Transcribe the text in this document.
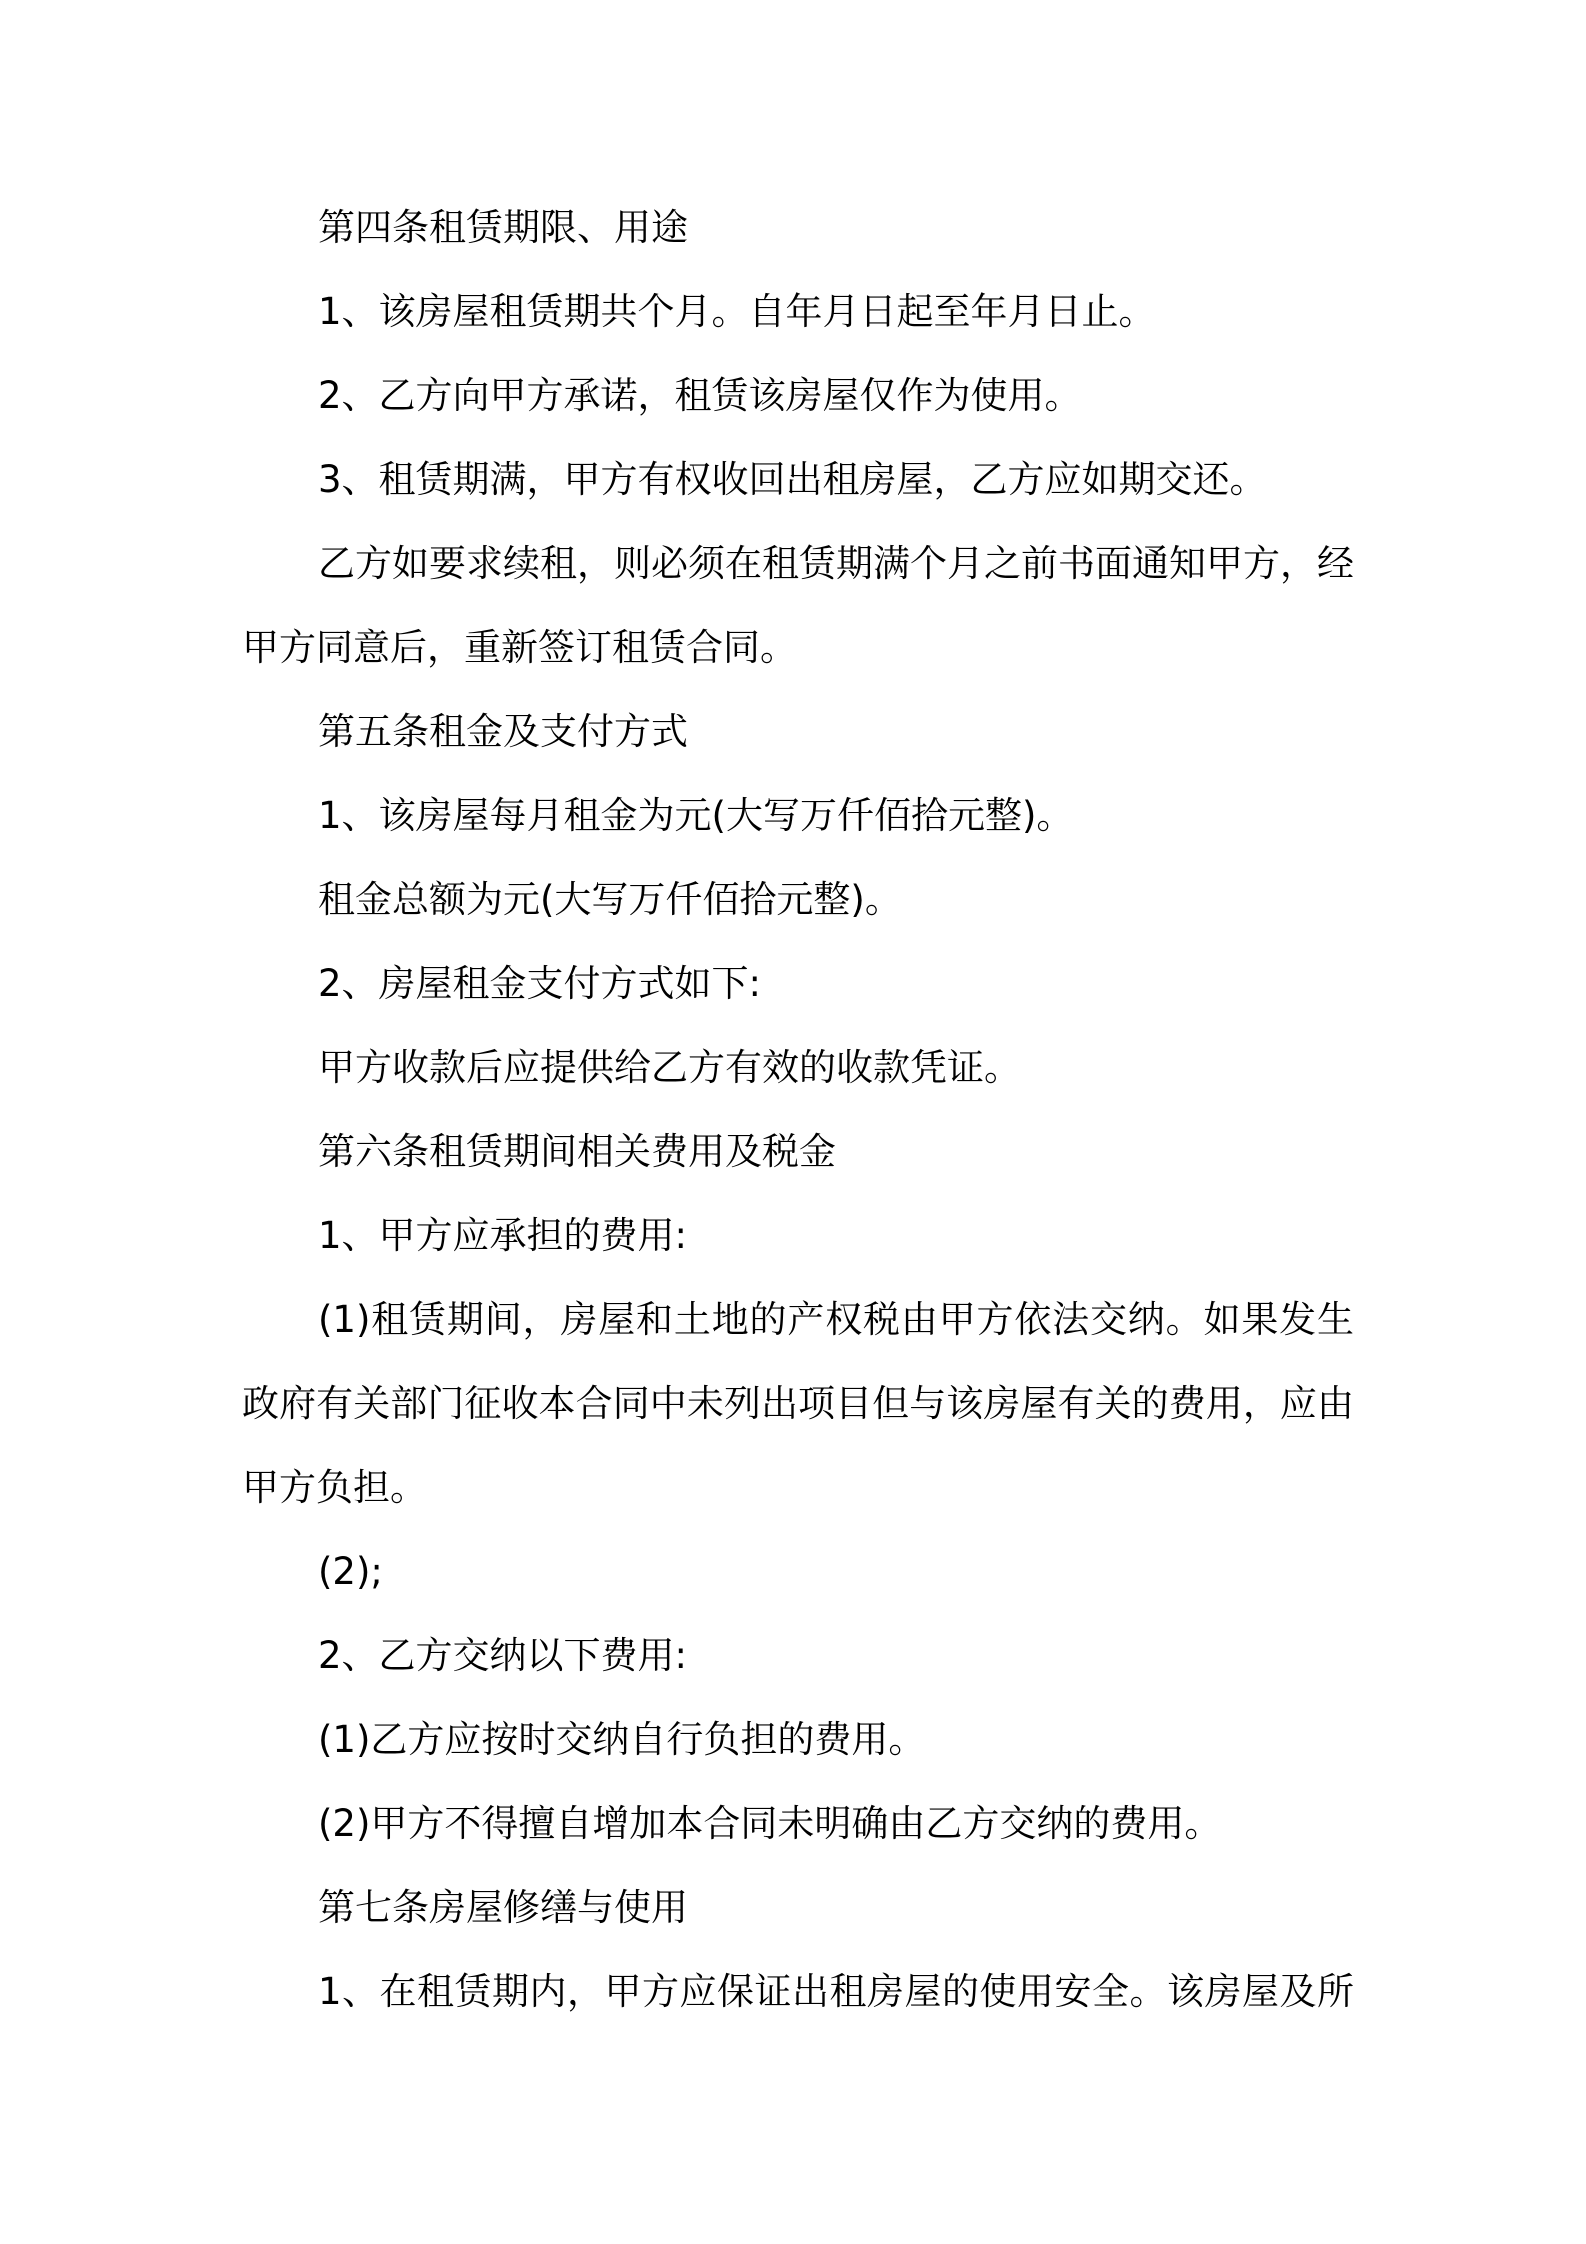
第四条租赁期限、用途
1、该房屋租赁期共个月。自年月日起至年月日止。
2、乙方向甲方承诺，租赁该房屋仅作为使用。
3、租赁期满，甲方有权收回出租房屋，乙方应如期交还。
乙方如要求续租，则必须在租赁期满个月之前书面通知甲方，经
甲方同意后，重新签订租赁合同。
第五条租金及支付方式
1、该房屋每月租金为元(大写万仟佰拾元整)。
租金总额为元(大写万仟佰拾元整)。
2、房屋租金支付方式如下:
甲方收款后应提供给乙方有效的收款凭证。
第六条租赁期间相关费用及税金
1、甲方应承担的费用:
(1)租赁期间，房屋和土地的产权税由甲方依法交纳。如果发生
政府有关部门征收本合同中未列出项目但与该房屋有关的费用，应由
甲方负担。
(2);
2、乙方交纳以下费用:
(1)乙方应按时交纳自行负担的费用。
(2)甲方不得擅自增加本合同未明确由乙方交纳的费用。
第七条房屋修缮与使用
1、在租赁期内，甲方应保证出租房屋的使用安全。该房屋及所
